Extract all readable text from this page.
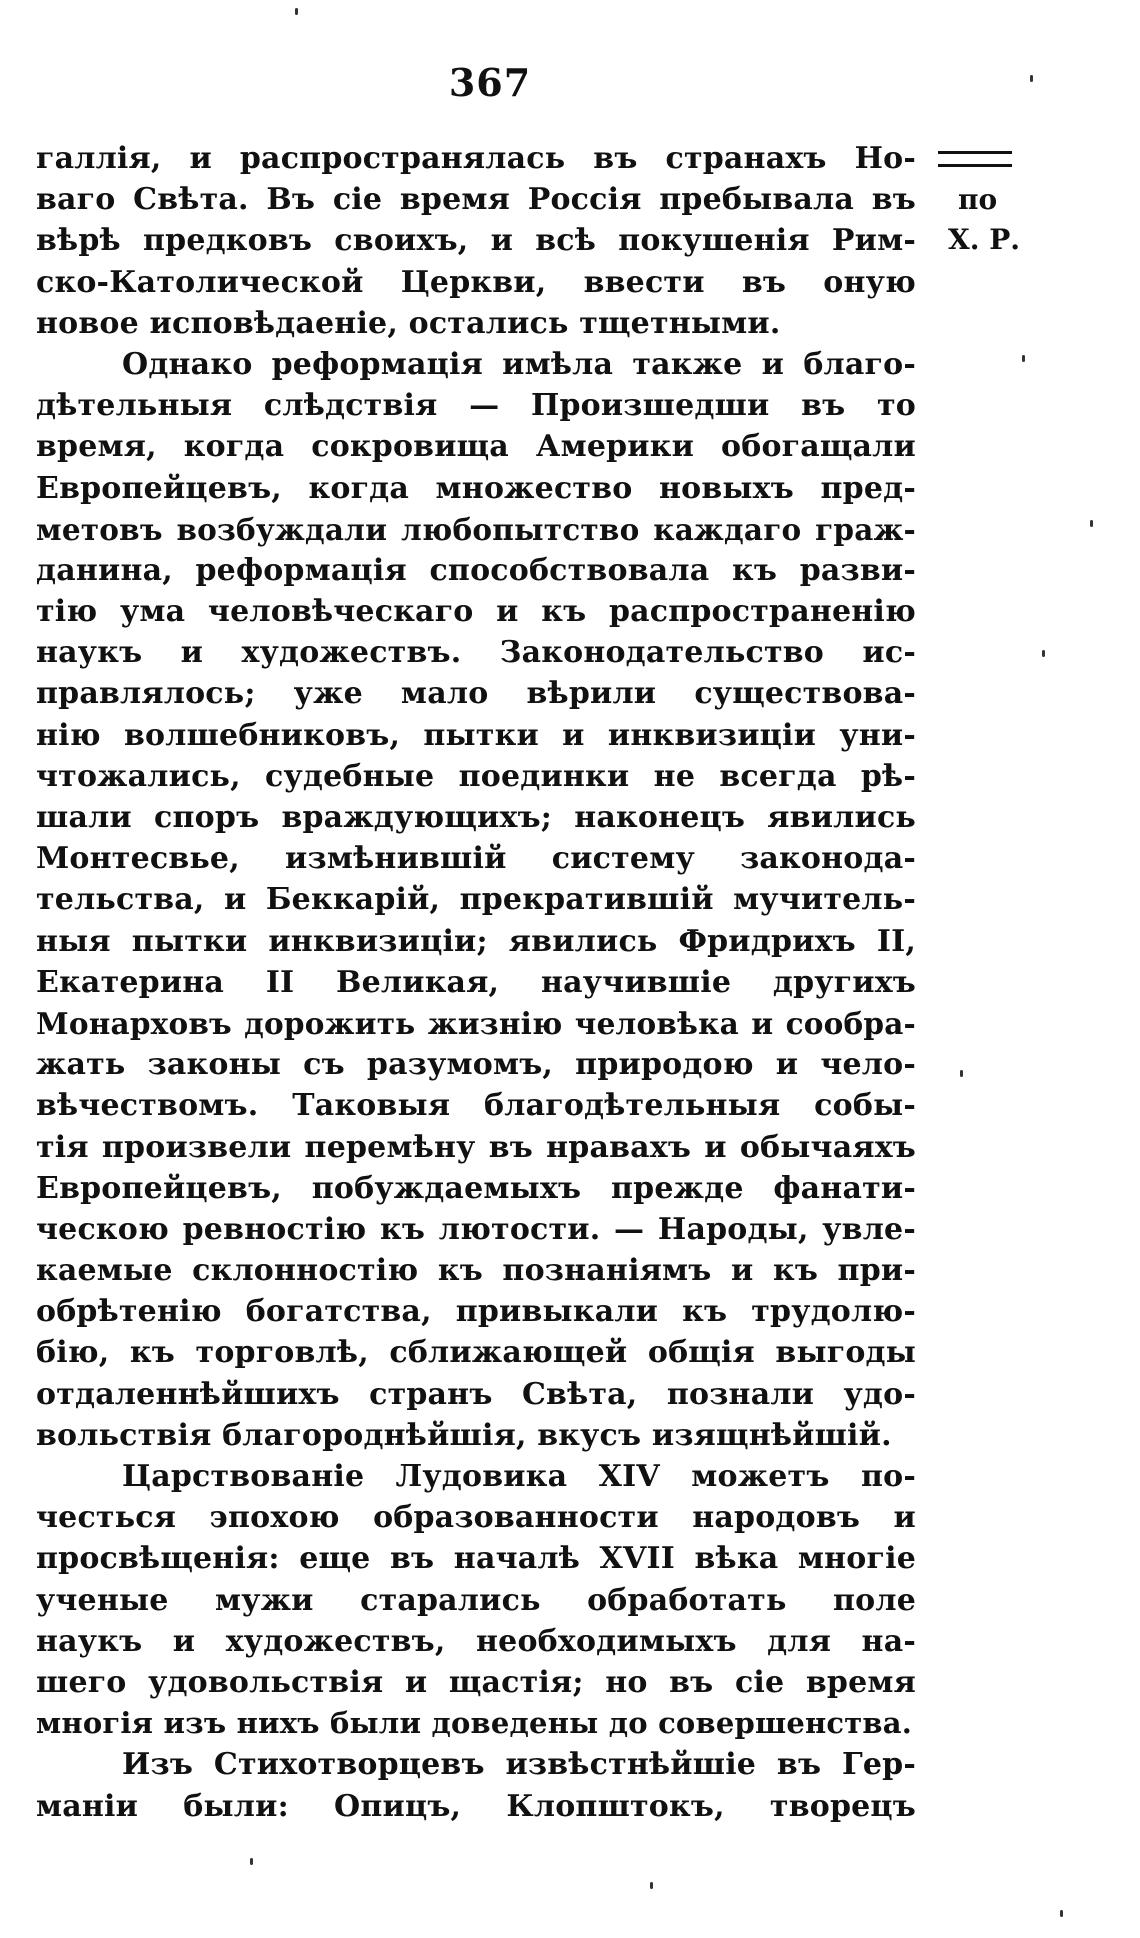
367
по
Х. Р.
галлія, и распространялась въ странахъ Но-
ваго Свѣта. Въ сіе время Россія пребывала въ
вѣрѣ предковъ своихъ, и всѣ покушенія Рим-
ско-Католической Церкви, ввести въ оную
новое исповѣдаеніе, остались тщетными.
Однако реформація имѣла также и благо-
дѣтельныя слѣдствія — Произшедши въ то
время, когда сокровища Америки обогащали
Европейцевъ, когда множество новыхъ пред-
метовъ возбуждали любопытство каждаго граж-
данина, реформація способствовала къ разви-
тію ума человѣческаго и къ распространенію
наукъ и художествъ. Законодательство ис-
правлялось; уже мало вѣрили существова-
нію волшебниковъ, пытки и инквизиціи уни-
чтожались, судебные поединки не всегда рѣ-
шали споръ враждующихъ; наконецъ явились
Монтесвье, измѣнившій систему законода-
тельства, и Беккарій, прекратившій мучитель-
ныя пытки инквизиціи; явились Фридрихъ II,
Екатерина II Великая, научившіе другихъ
Монарховъ дорожить жизнію человѣка и сообра-
жать законы съ разумомъ, природою и чело-
вѣчествомъ. Таковыя благодѣтельныя собы-
тія произвели перемѣну въ нравахъ и обычаяхъ
Европейцевъ, побуждаемыхъ прежде фанати-
ческою ревностію къ лютости. — Народы, увле-
каемые склонностію къ познаніямъ и къ при-
обрѣтенію богатства, привыкали къ трудолю-
бію, къ торговлѣ, сближающей общія выгоды
отдаленнѣйшихъ странъ Свѣта, познали удо-
вольствія благороднѣйшія, вкусъ изящнѣйшій.
Царствованіе Лудовика XIV можетъ по-
честься эпохою образованности народовъ и
просвѣщенія: еще въ началѣ XVII вѣка многіе
ученые мужи старались обработать поле
наукъ и художествъ, необходимыхъ для на-
шего удовольствія и щастія; но въ сіе время
многія изъ нихъ были доведены до совершенства.
Изъ Стихотворцевъ извѣстнѣйшіе въ Гер-
маніи были: Опицъ, Клопштокъ, творецъ
